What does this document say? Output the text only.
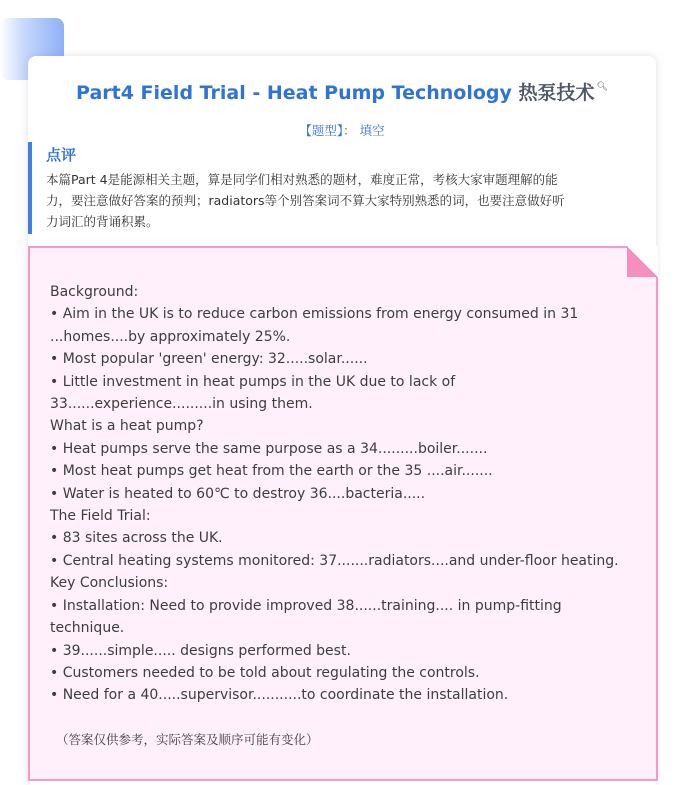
Part4 Field Trial - Heat Pump Technology 热泵技术 🔍︎
【题型】： 填空
点评
本篇Part 4是能源相关主题，算是同学们相对熟悉的题材，难度正常，考核大家审题理解的能
力，要注意做好答案的预判；radiators等个别答案词不算大家特别熟悉的词，也要注意做好听
力词汇的背诵积累。
Background:
• Aim in the UK is to reduce carbon emissions from energy consumed in 31
...homes....by approximately 25%.
• Most popular 'green' energy: 32.....solar......
• Little investment in heat pumps in the UK due to lack of
33......experience.........in using them.
What is a heat pump?
• Heat pumps serve the same purpose as a 34.........boiler.......
• Most heat pumps get heat from the earth or the 35 ....air.......
• Water is heated to 60℃ to destroy 36....bacteria.....
The Field Trial:
• 83 sites across the UK.
• Central heating systems monitored: 37.......radiators....and under-floor heating.
Key Conclusions:
• Installation: Need to provide improved 38......training.... in pump-fitting
technique.
• 39......simple..... designs performed best.
• Customers needed to be told about regulating the controls.
• Need for a 40.....supervisor...........to coordinate the installation.
（答案仅供参考，实际答案及顺序可能有变化）
